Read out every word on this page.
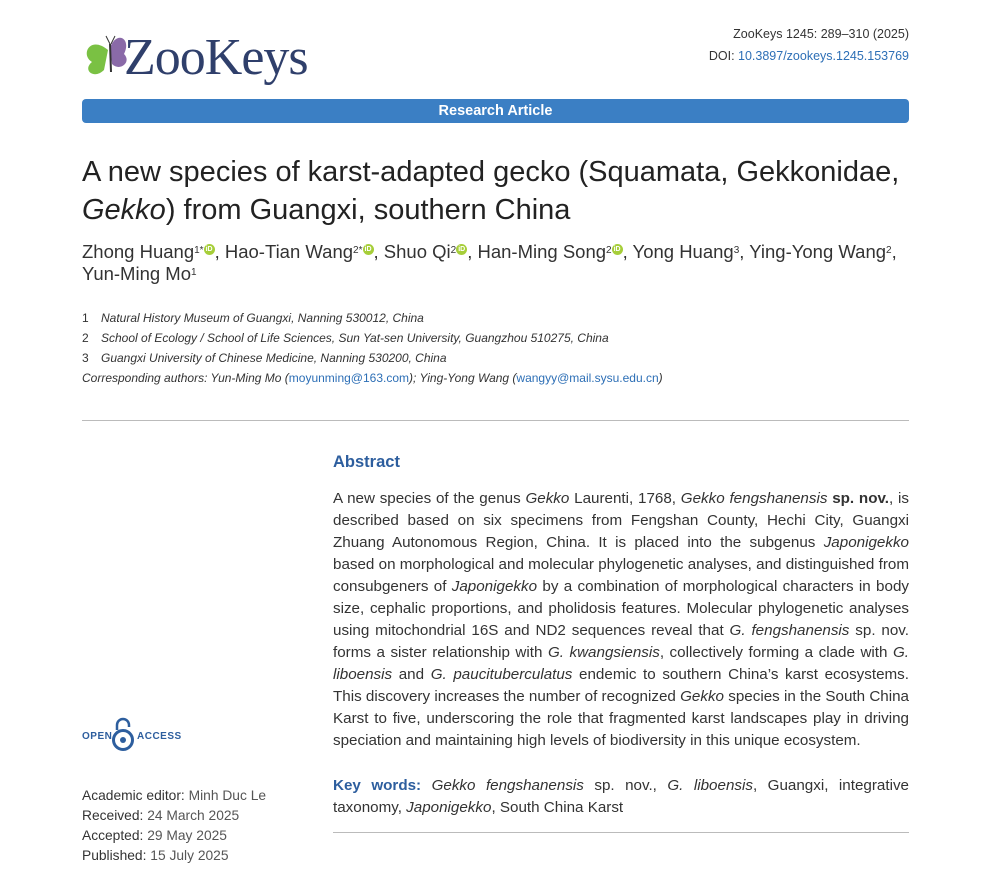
ZooKeys	ZooKeys 1245: 289–310 (2025)
DOI: 10.3897/zookeys.1245.153769
Research Article
A new species of karst-adapted gecko (Squamata, Gekkonidae,
Gekko) from Guangxi, southern China
Zhong Huang$^{1*}$ iD , Hao-Tian Wang$^{2*}$ iD , Shuo Qi$^2$ iD , Han-Ming Song$^2$ iD , Yong Huang$^3$, Ying-Yong Wang$^2$, Yun-Ming Mo$^1$
1 Natural History Museum of Guangxi, Nanning 530012, China
2 School of Ecology / School of Life Sciences, Sun Yat-sen University, Guangzhou 510275, China
3 Guangxi University of Chinese Medicine, Nanning 530200, China
Corresponding authors: Yun-Ming Mo (moyunming@163.com); Ying-Yong Wang (wangyy@mail.sysu.edu.cn)
Abstract
A new species of the genus Gekko Laurenti, 1768, Gekko fengshanensis sp. nov., is described based on six specimens from Fengshan County, Hechi City, Guangxi Zhuang Autonomous Region, China. It is placed into the subgenus Japonigekko based on morphological and molecular phylogenetic analyses, and distinguished from consubgeners of Japonigekko by a combination of morphological characters in body size, cephalic proportions, and pholidosis features. Molecular phylogenetic analyses using mitochondrial 16S and ND2 sequences reveal that G. fengshanensis sp. nov. forms a sister relationship with G. kwangsiensis, collectively forming a clade with G. liboensis and G. paucituberculatus endemic to southern China’s karst ecosystems. This discovery increases the number of recognized Gekko species in the South China Karst to five, underscoring the role that fragmented karst landscapes play in driving speciation and maintaining high levels of biodiversity in this unique ecosystem.
Key words: Gekko fengshanensis sp. nov., G. liboensis, Guangxi, integrative taxonomy, Japonigekko, South China Karst
OPEN ACCESS
Academic editor: Minh Duc Le
Received: 24 March 2025
Accepted: 29 May 2025
Published: 15 July 2025
